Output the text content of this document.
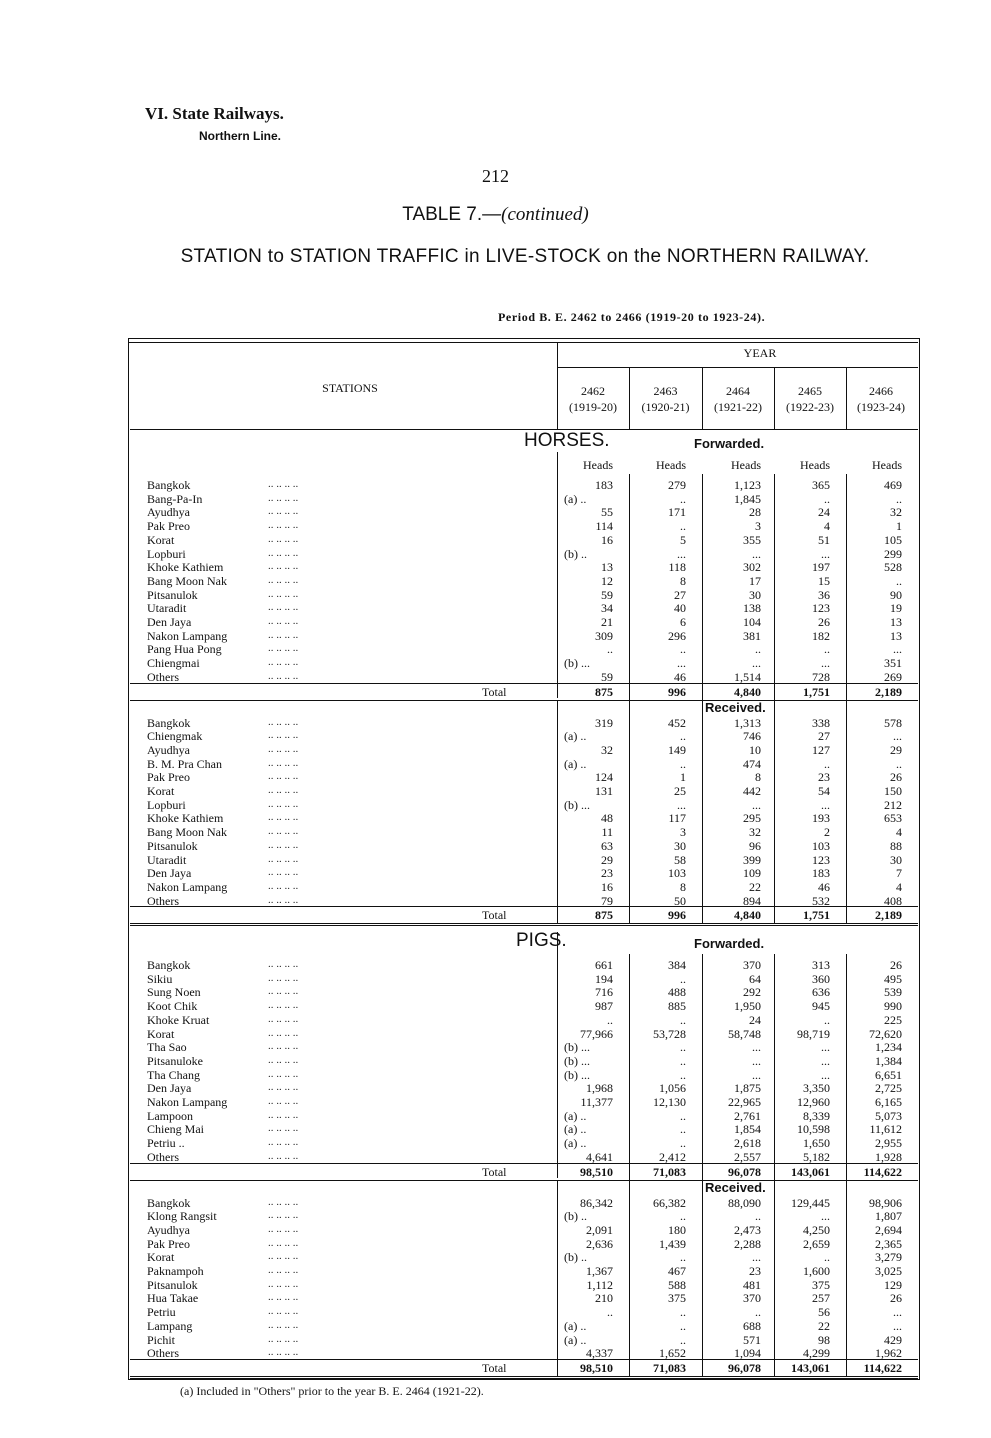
VI. State Railways.
Northern Line.
212
TABLE 7.—(continued)
STATION to STATION TRAFFIC in LIVE-STOCK on the NORTHERN RAILWAY.
Period B. E. 2462 to 2466 (1919-20 to 1923-24).
STATIONS
YEAR
2462
(1919-20)
2463
(1920-21)
2464
(1921-22)
2465
(1922-23)
2466
(1923-24)
HORSES.	Forwarded.
Heads	Heads	Heads	Heads	Heads
Bangkok	.. .. .. ..	183	279	1,123	365	469
Bang-Pa-In	.. .. .. ..	(a) ..	..	1,845	..	..
Ayudhya	.. .. .. ..	55	171	28	24	32
Pak Preo	.. .. .. ..	114	..	3	4	1
Korat	.. .. .. ..	16	5	355	51	105
Lopburi	.. .. .. ..	(b) ..	...	...	...	299
Khoke Kathiem	.. .. .. ..	13	118	302	197	528
Bang Moon Nak	.. .. .. ..	12	8	17	15	..
Pitsanulok	.. .. .. ..	59	27	30	36	90
Utaradit	.. .. .. ..	34	40	138	123	19
Den Jaya	.. .. .. ..	21	6	104	26	13
Nakon Lampang	.. .. .. ..	309	296	381	182	13
Pang Hua Pong	.. .. .. ..	..	..	..	..	...
Chiengmai	.. .. .. ..	(b) ...	...	...	...	351
Others	.. .. .. ..	59	46	1,514	728	269
Total	875	996	4,840	1,751	2,189
Received.
Bangkok	.. .. .. ..	319	452	1,313	338	578
Chiengmak	.. .. .. ..	(a) ..	..	746	27	...
Ayudhya	.. .. .. ..	32	149	10	127	29
B. M. Pra Chan	.. .. .. ..	(a) ..	..	474	..	..
Pak Preo	.. .. .. ..	124	1	8	23	26
Korat	.. .. .. ..	131	25	442	54	150
Lopburi	.. .. .. ..	(b) ...	...	...	...	212
Khoke Kathiem	.. .. .. ..	48	117	295	193	653
Bang Moon Nak	.. .. .. ..	11	3	32	2	4
Pitsanulok	.. .. .. ..	63	30	96	103	88
Utaradit	.. .. .. ..	29	58	399	123	30
Den Jaya	.. .. .. ..	23	103	109	183	7
Nakon Lampang	.. .. .. ..	16	8	22	46	4
Others	.. .. .. ..	79	50	894	532	408
Total	875	996	4,840	1,751	2,189
PIGS.	Forwarded.
Bangkok	.. .. .. ..	661	384	370	313	26
Sikiu	.. .. .. ..	194	..	64	360	495
Sung Noen	.. .. .. ..	716	488	292	636	539
Koot Chik	.. .. .. ..	987	885	1,950	945	990
Khoke Kruat	.. .. .. ..	..	..	24	..	225
Korat	.. .. .. ..	77,966	53,728	58,748	98,719	72,620
Tha Sao	.. .. .. ..	(b) ...	..	...	...	1,234
Pitsanuloke	.. .. .. ..	(b) ...	..	...	...	1,384
Tha Chang	.. .. .. ..	(b) ...	..	...	...	6,651
Den Jaya	.. .. .. ..	1,968	1,056	1,875	3,350	2,725
Nakon Lampang	.. .. .. ..	11,377	12,130	22,965	12,960	6,165
Lampoon	.. .. .. ..	(a) ..	..	2,761	8,339	5,073
Chieng Mai	.. .. .. ..	(a) ..	..	1,854	10,598	11,612
Petriu ..	.. .. .. ..	(a) ..	..	2,618	1,650	2,955
Others	.. .. .. ..	4,641	2,412	2,557	5,182	1,928
Total	98,510	71,083	96,078	143,061	114,622
Received.
Bangkok	.. .. .. ..	86,342	66,382	88,090	129,445	98,906
Klong Rangsit	.. .. .. ..	(b) ..	..	..	...	1,807
Ayudhya	.. .. .. ..	2,091	180	2,473	4,250	2,694
Pak Preo	.. .. .. ..	2,636	1,439	2,288	2,659	2,365
Korat	.. .. .. ..	(b) ..	..	...	..	3,279
Paknampoh	.. .. .. ..	1,367	467	23	1,600	3,025
Pitsanulok	.. .. .. ..	1,112	588	481	375	129
Hua Takae	.. .. .. ..	210	375	370	257	26
Petriu	.. .. .. ..	..	..	..	56	...
Lampang	.. .. .. ..	(a) ..	..	688	22	...
Pichit	.. .. .. ..	(a) ..	..	571	98	429
Others	.. .. .. ..	4,337	1,652	1,094	4,299	1,962
Total	98,510	71,083	96,078	143,061	114,622
(a) Included in "Others" prior to the year B. E. 2464 (1921-22).
